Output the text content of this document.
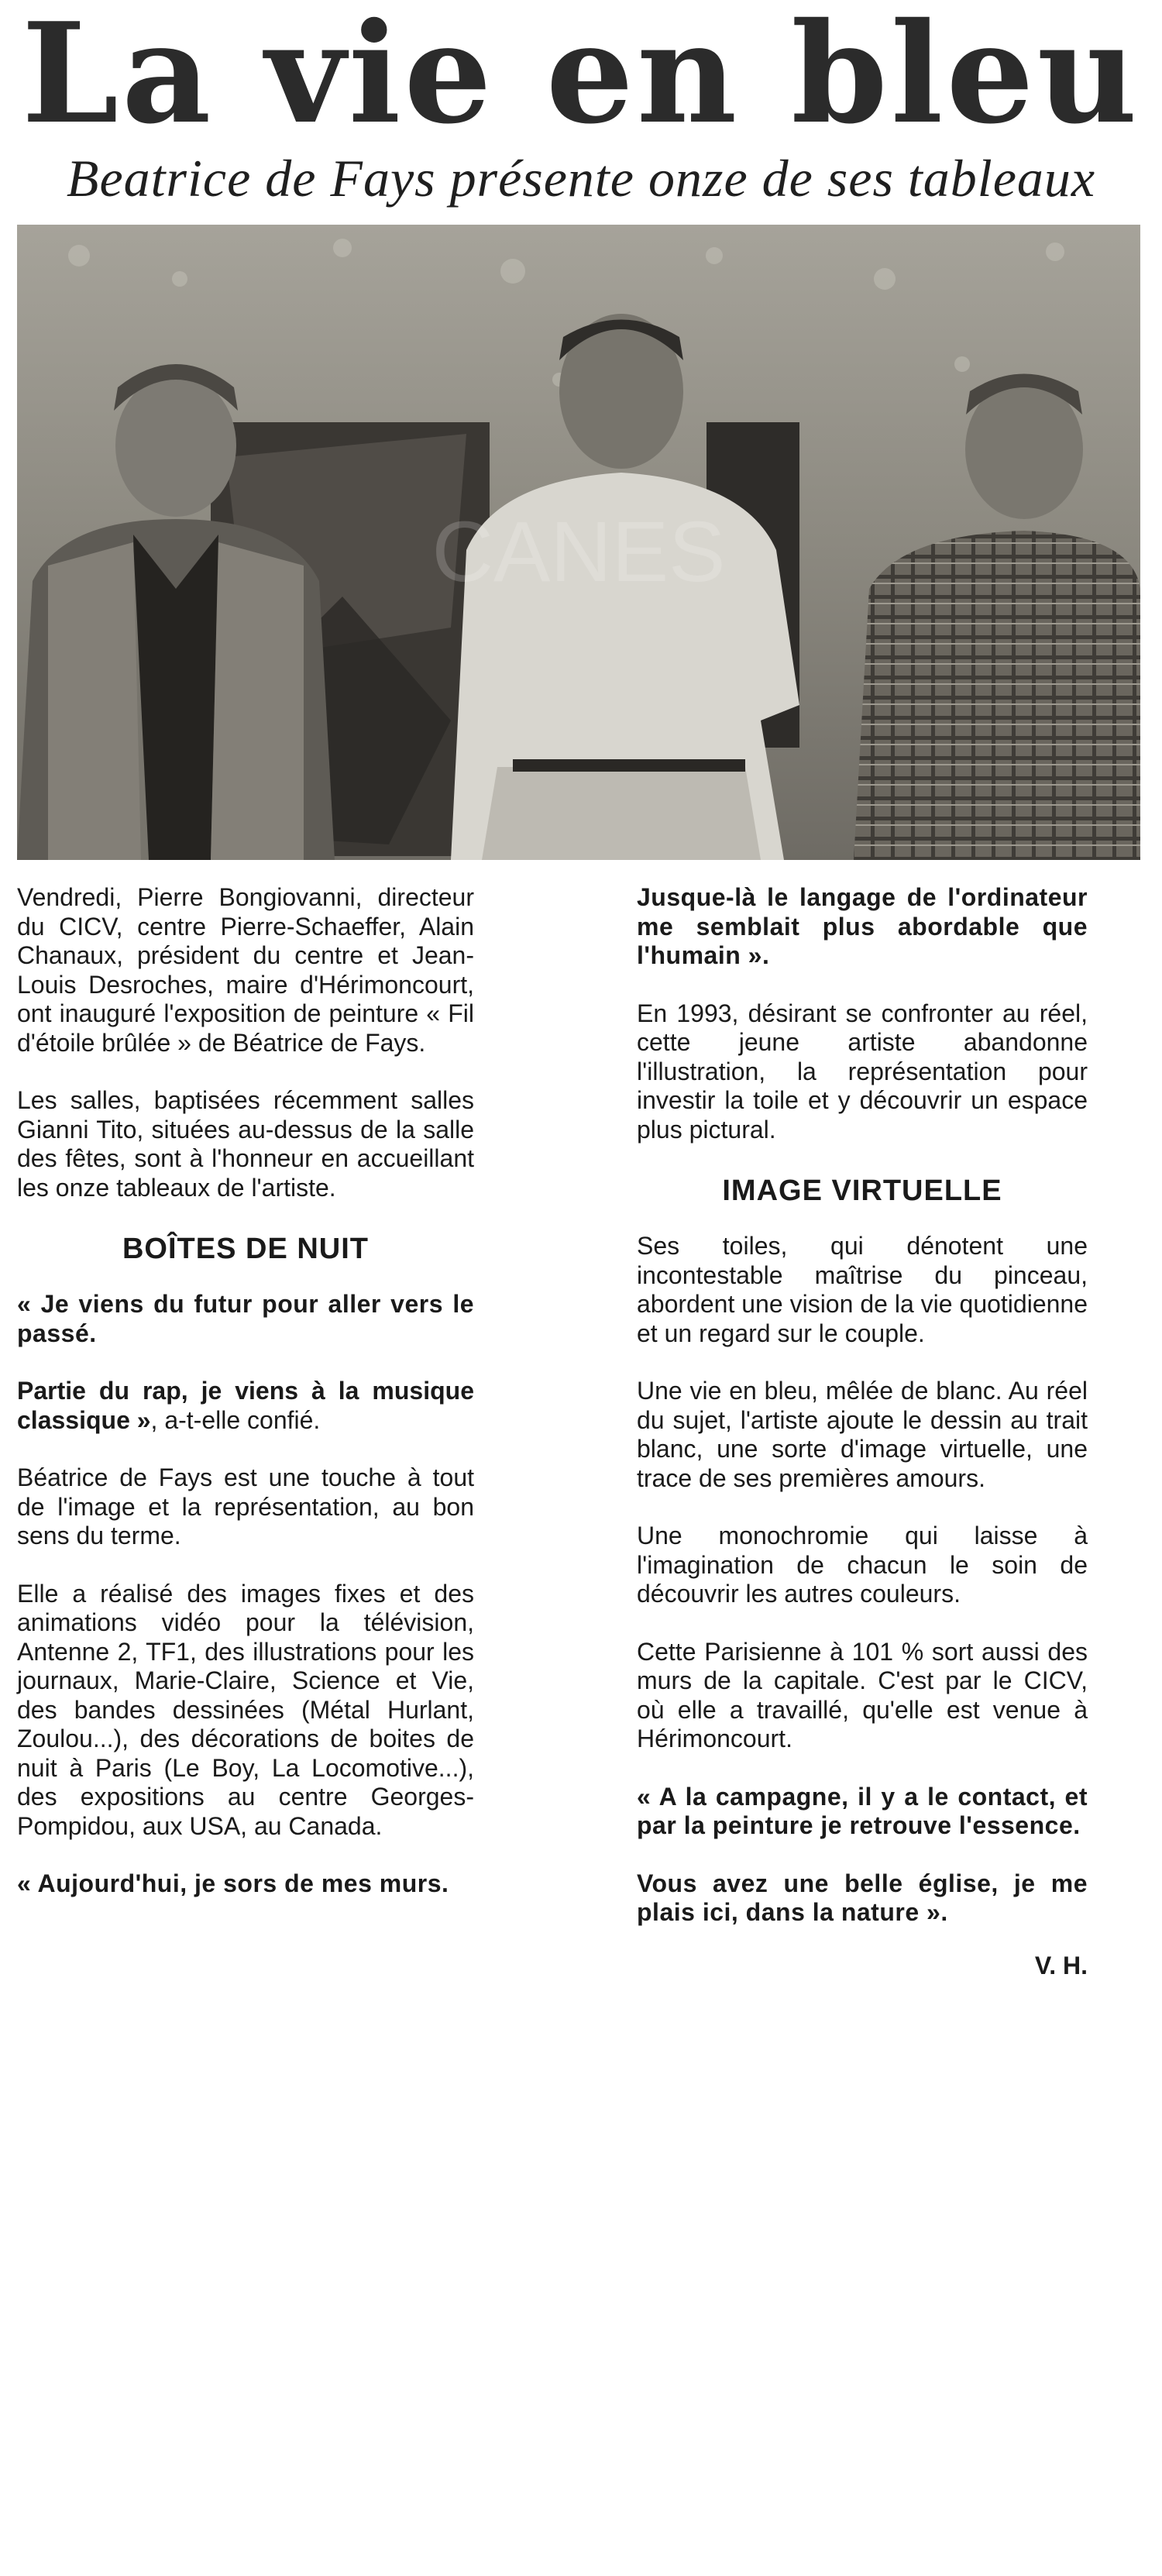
La vie en bleu
Beatrice de Fays présente onze de ses tableaux
CANES

Vendredi, Pierre Bongiovanni, directeur du CICV, centre Pierre-Schaeffer, Alain Chanaux, président du centre et Jean-Louis Desroches, maire d'Hérimoncourt, ont inauguré l'exposition de peinture « Fil d'étoile brûlée » de Béatrice de Fays.

Les salles, baptisées récemment salles Gianni Tito, situées au-dessus de la salle des fêtes, sont à l'honneur en accueillant les onze tableaux de l'artiste.

BOÎTES DE NUIT

« Je viens du futur pour aller vers le passé.

Partie du rap, je viens à la musique classique », a-t-elle confié.

Béatrice de Fays est une touche à tout de l'image et la représentation, au bon sens du terme.

Elle a réalisé des images fixes et des animations vidéo pour la télévision, Antenne 2, TF1, des illustrations pour les journaux, Marie-Claire, Science et Vie, des bandes dessinées (Métal Hurlant, Zoulou...), des décorations de boites de nuit à Paris (Le Boy, La Locomotive...), des expositions au centre Georges-Pompidou, aux USA, au Canada.

« Aujourd'hui, je sors de mes murs.

Jusque-là le langage de l'ordinateur me semblait plus abordable que l'humain ».

En 1993, désirant se confronter au réel, cette jeune artiste abandonne l'illustration, la représentation pour investir la toile et y découvrir un espace plus pictural.

IMAGE VIRTUELLE

Ses toiles, qui dénotent une incontestable maîtrise du pinceau, abordent une vision de la vie quotidienne et un regard sur le couple.

Une vie en bleu, mêlée de blanc. Au réel du sujet, l'artiste ajoute le dessin au trait blanc, une sorte d'image virtuelle, une trace de ses premières amours.

Une monochromie qui laisse à l'imagination de chacun le soin de découvrir les autres couleurs.

Cette Parisienne à 101 % sort aussi des murs de la capitale. C'est par le CICV, où elle a travaillé, qu'elle est venue à Hérimoncourt.

« A la campagne, il y a le contact, et par la peinture je retrouve l'essence.

Vous avez une belle église, je me plais ici, dans la nature ».

V. H.
